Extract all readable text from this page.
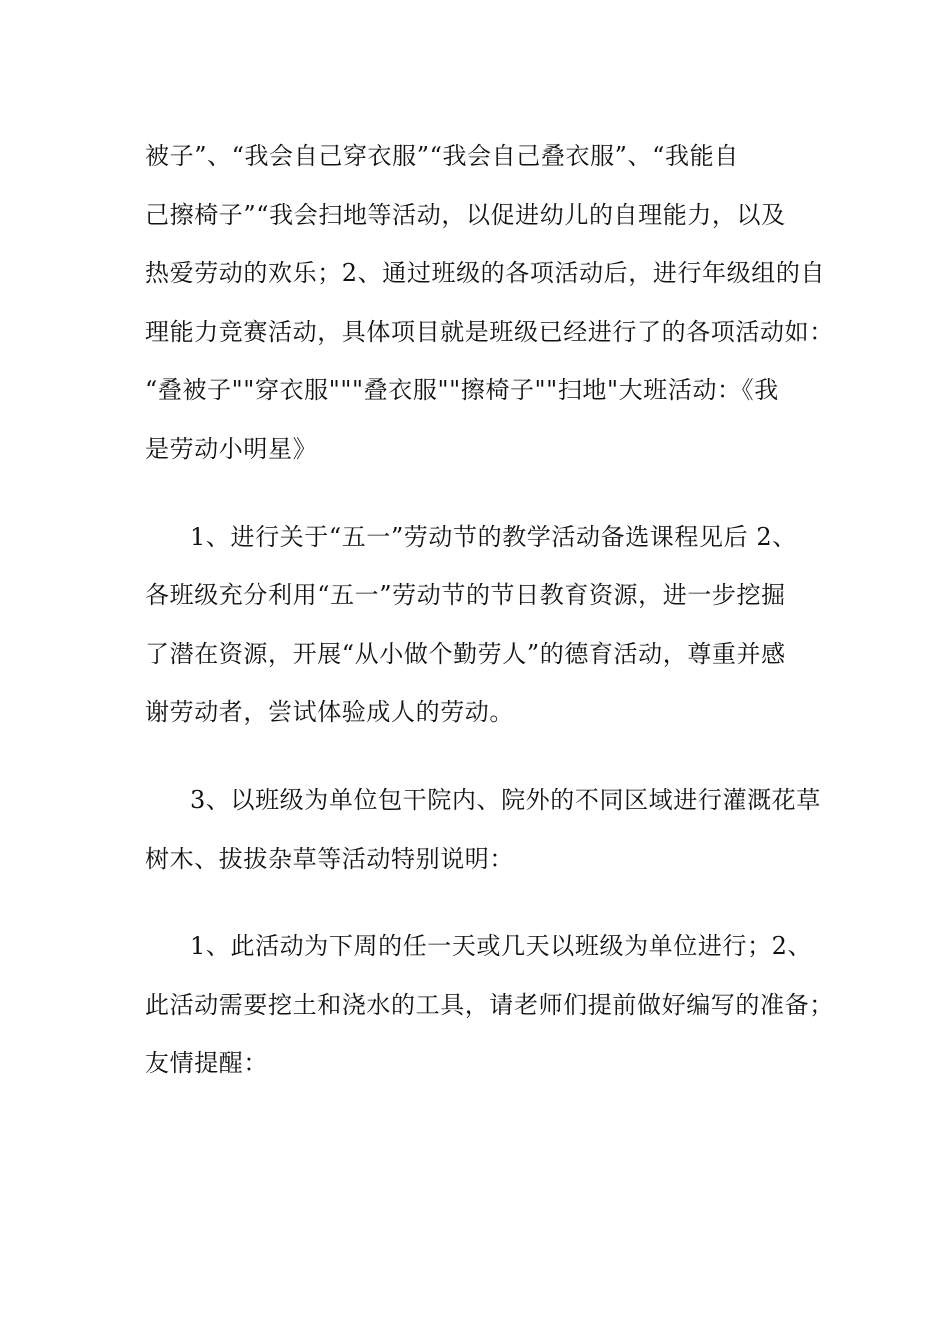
被子”、“我会自己穿衣服”“我会自己叠衣服”、“我能自
己擦椅子”“我会扫地等活动，以促进幼儿的自理能力，以及
热爱劳动的欢乐；2、通过班级的各项活动后，进行年级组的自
理能力竞赛活动，具体项目就是班级已经进行了的各项活动如：
“叠被子""穿衣服"""叠衣服""擦椅子""扫地"大班活动：《我
是劳动小明星》
1、进行关于“五一”劳动节的教学活动备选课程见后 2、
各班级充分利用“五一”劳动节的节日教育资源，进一步挖掘
了潜在资源，开展“从小做个勤劳人”的德育活动，尊重并感
谢劳动者，尝试体验成人的劳动。
3、以班级为单位包干院内、院外的不同区域进行灌溉花草
树木、拔拔杂草等活动特别说明：
1、此活动为下周的任一天或几天以班级为单位进行；2、
此活动需要挖土和浇水的工具，请老师们提前做好编写的准备；
友情提醒：
